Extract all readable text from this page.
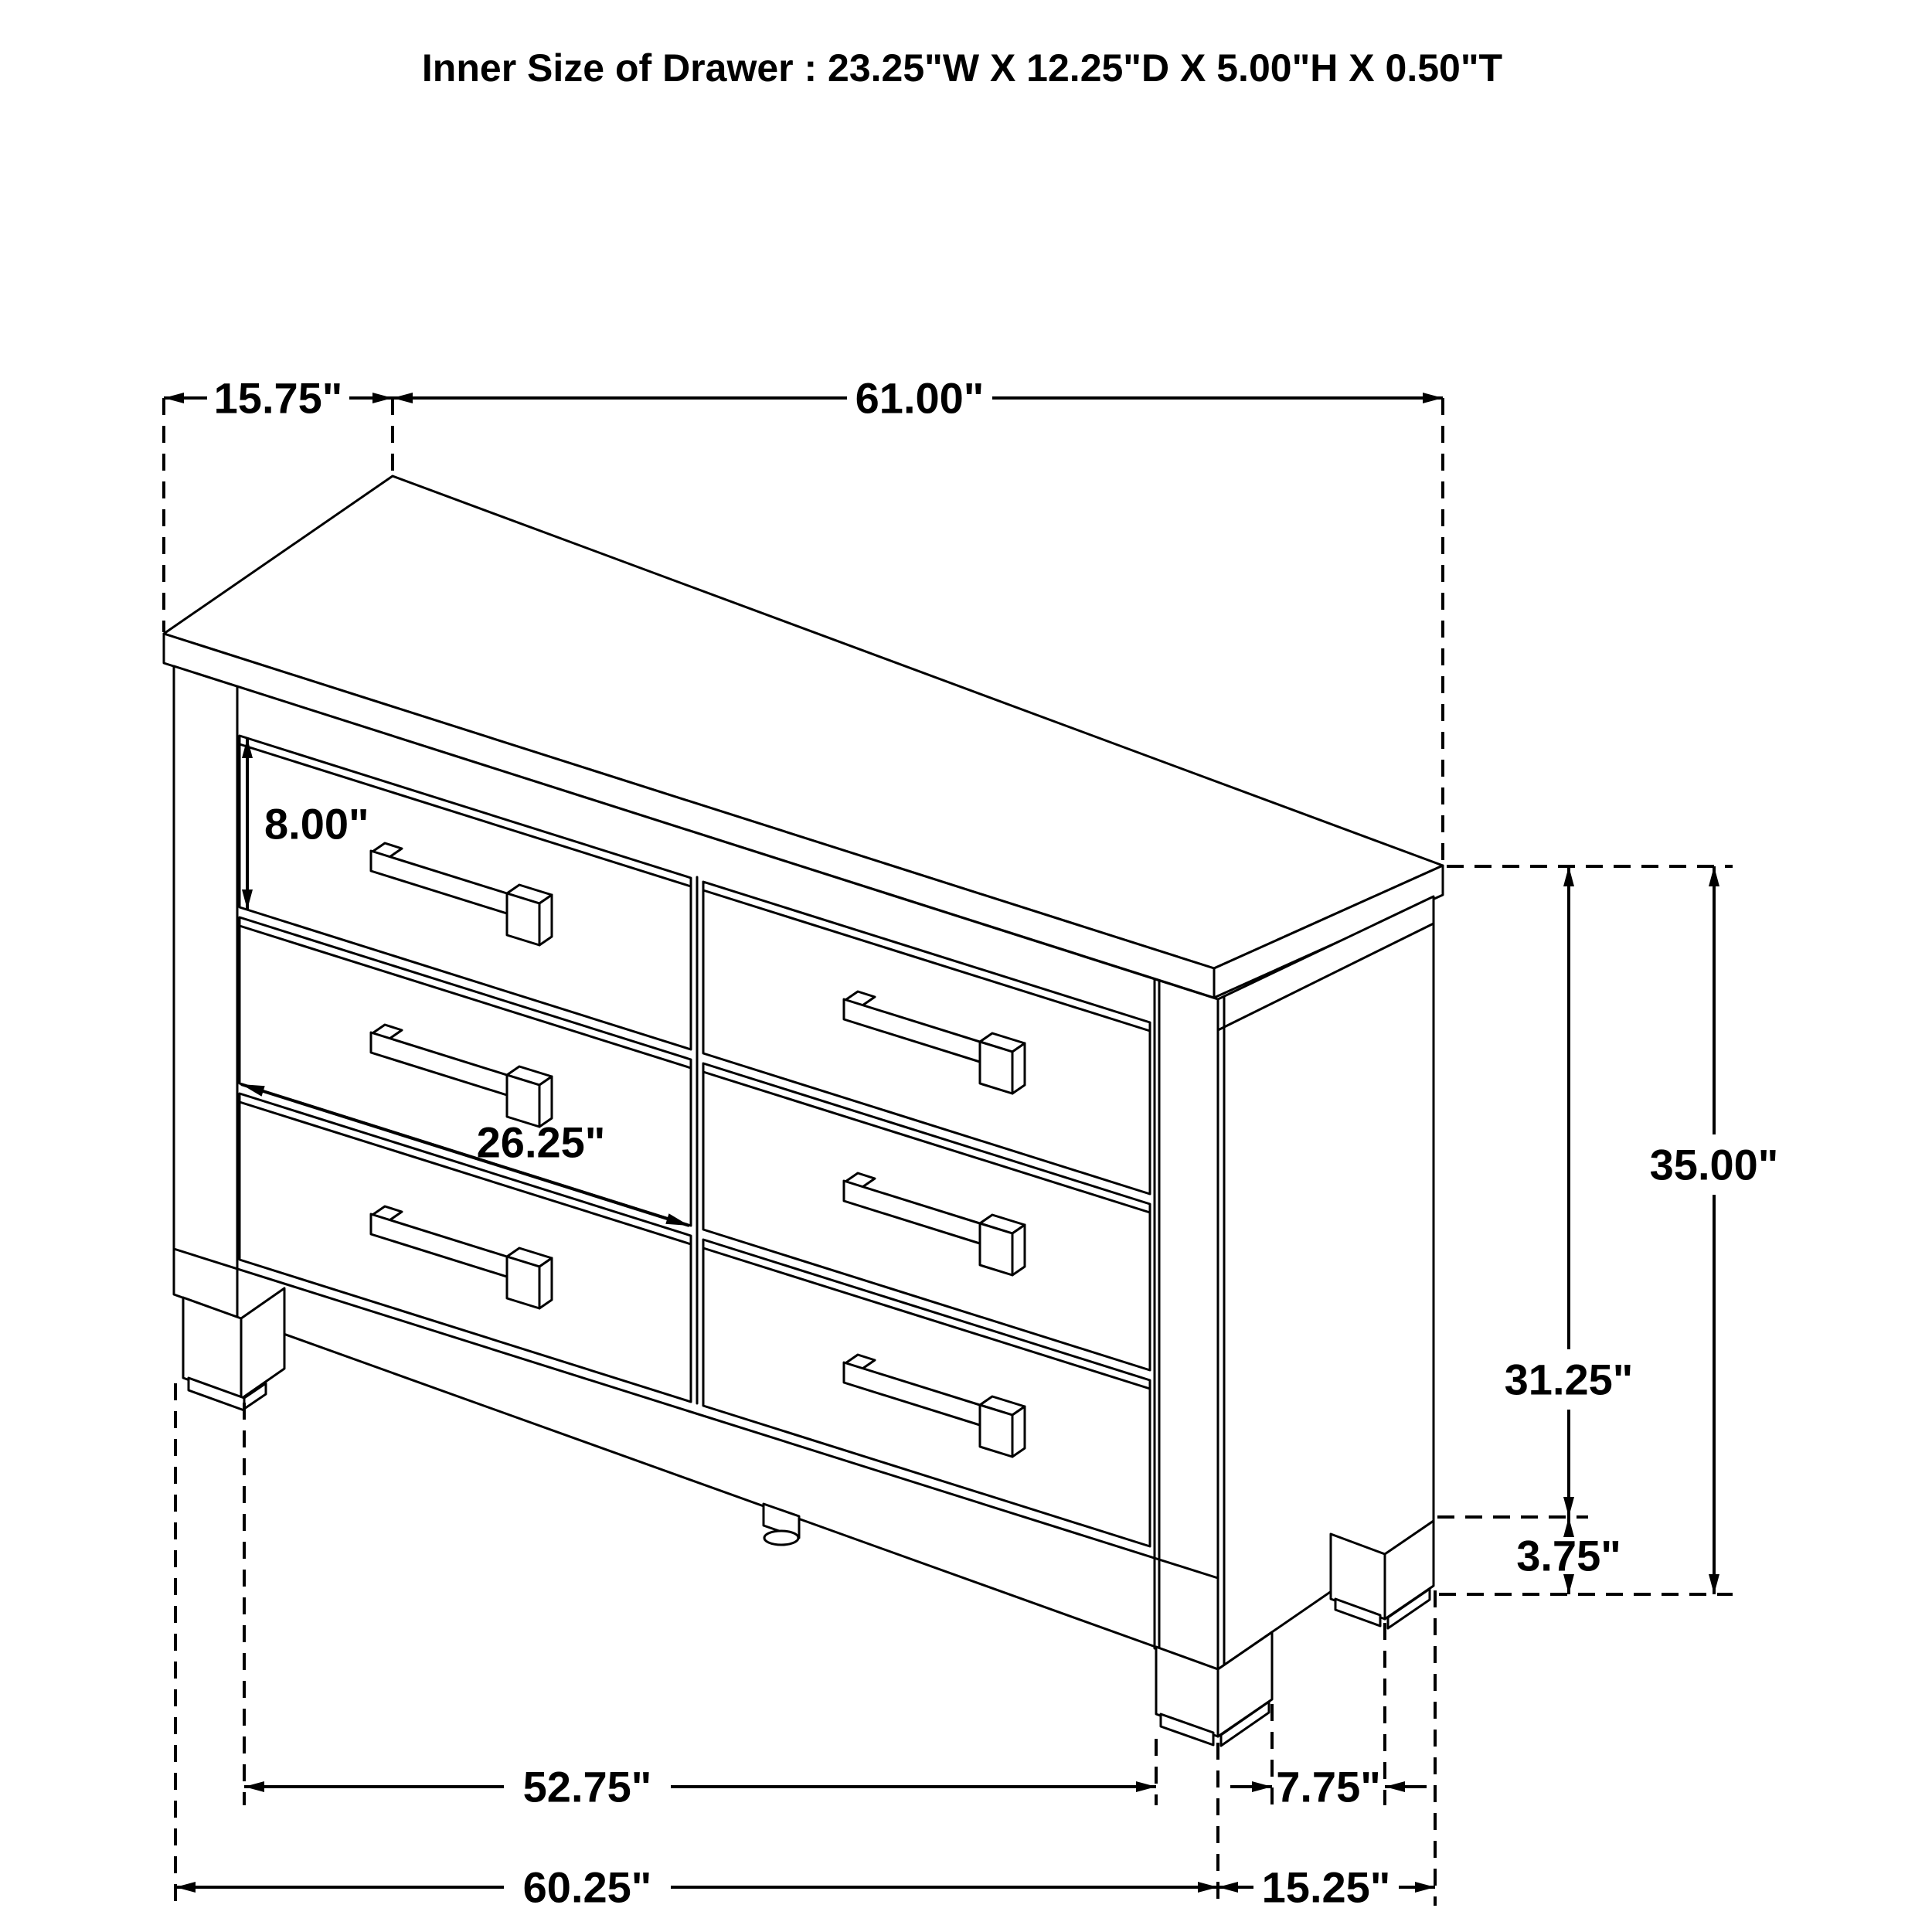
Inner Size of Drawer : 23.25"W X 12.25"D X 5.00"H X 0.50"T
15.75"	61.00"
8.00"
26.25"	35.00"
31.25"
3.75"
52.75"	7.75"
60.25"	15.25"
